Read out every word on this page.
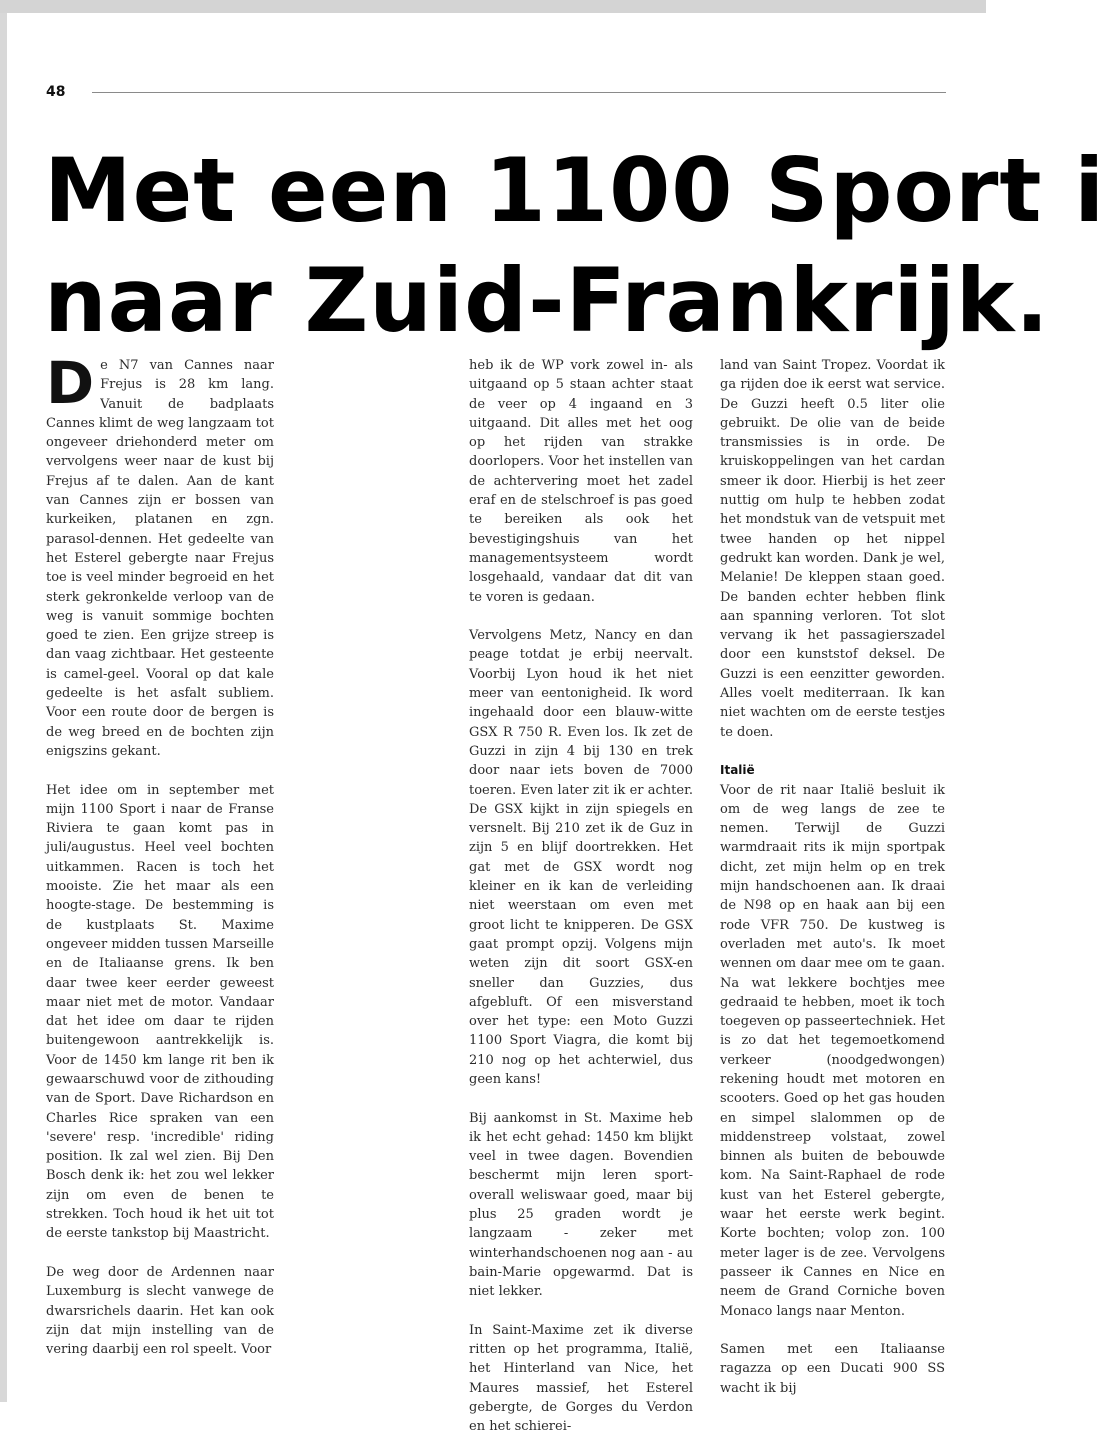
48
Met een 1100 Sport i
naar Zuid-Frankrijk.

De N7 van Cannes naar Frejus is 28 km lang. Vanuit de badplaats Cannes klimt de weg langzaam tot ongeveer driehonderd meter om vervolgens weer naar de kust bij Frejus af te dalen. Aan de kant van Cannes zijn er bossen van kurkeiken, platanen en zgn. parasol-dennen. Het gedeelte van het Esterel gebergte naar Frejus toe is veel minder begroeid en het sterk gekronkelde verloop van de weg is vanuit sommige bochten goed te zien. Een grijze streep is dan vaag zichtbaar. Het gesteente is camel-geel. Vooral op dat kale gedeelte is het asfalt subliem. Voor een route door de bergen is de weg breed en de bochten zijn enigszins gekant.

Het idee om in september met mijn 1100 Sport i naar de Franse Riviera te gaan komt pas in juli/augustus. Heel veel bochten uitkammen. Racen is toch het mooiste. Zie het maar als een hoogte-stage. De bestemming is de kustplaats St. Maxime ongeveer midden tussen Marseille en de Italiaanse grens. Ik ben daar twee keer eerder geweest maar niet met de motor. Vandaar dat het idee om daar te rijden buitengewoon aantrekkelijk is. Voor de 1450 km lange rit ben ik gewaarschuwd voor de zithouding van de Sport. Dave Richardson en Charles Rice spraken van een 'severe' resp. 'incredible' riding position. Ik zal wel zien. Bij Den Bosch denk ik: het zou wel lekker zijn om even de benen te strekken. Toch houd ik het uit tot de eerste tankstop bij Maastricht.

De weg door de Ardennen naar Luxemburg is slecht vanwege de dwarsrichels daarin. Het kan ook zijn dat mijn instelling van de vering daarbij een rol speelt. Voor

heb ik de WP vork zowel in- als uitgaand op 5 staan achter staat de veer op 4 ingaand en 3 uitgaand. Dit alles met het oog op het rijden van strakke doorlopers. Voor het instellen van de achtervering moet het zadel eraf en de stelschroef is pas goed te bereiken als ook het bevestigingshuis van het managementsysteem wordt losgehaald, vandaar dat dit van te voren is gedaan.

Vervolgens Metz, Nancy en dan peage totdat je erbij neervalt. Voorbij Lyon houd ik het niet meer van eentonigheid. Ik word ingehaald door een blauw-witte GSX R 750 R. Even los. Ik zet de Guzzi in zijn 4 bij 130 en trek door naar iets boven de 7000 toeren. Even later zit ik er achter. De GSX kijkt in zijn spiegels en versnelt. Bij 210 zet ik de Guz in zijn 5 en blijf doortrekken. Het gat met de GSX wordt nog kleiner en ik kan de verleiding niet weerstaan om even met groot licht te knipperen. De GSX gaat prompt opzij. Volgens mijn weten zijn dit soort GSX-en sneller dan Guzzies, dus afgebluft. Of een misverstand over het type: een Moto Guzzi 1100 Sport Viagra, die komt bij 210 nog op het achterwiel, dus geen kans!

Bij aankomst in St. Maxime heb ik het echt gehad: 1450 km blijkt veel in twee dagen. Bovendien beschermt mijn leren sport-overall weliswaar goed, maar bij plus 25 graden wordt je langzaam - zeker met winterhandschoenen nog aan - au bain-Marie opgewarmd. Dat is niet lekker.

In Saint-Maxime zet ik diverse ritten op het programma, Italië, het Hinterland van Nice, het Maures massief, het Esterel gebergte, de Gorges du Verdon en het schierei-

land van Saint Tropez. Voordat ik ga rijden doe ik eerst wat service. De Guzzi heeft 0.5 liter olie gebruikt. De olie van de beide transmissies is in orde. De kruiskoppelingen van het cardan smeer ik door. Hierbij is het zeer nuttig om hulp te hebben zodat het mondstuk van de vetspuit met twee handen op het nippel gedrukt kan worden. Dank je wel, Melanie! De kleppen staan goed. De banden echter hebben flink aan spanning verloren. Tot slot vervang ik het passagierszadel door een kunststof deksel. De Guzzi is een eenzitter geworden. Alles voelt mediterraan. Ik kan niet wachten om de eerste testjes te doen.

Italië

Voor de rit naar Italië besluit ik om de weg langs de zee te nemen. Terwijl de Guzzi warmdraait rits ik mijn sportpak dicht, zet mijn helm op en trek mijn handschoenen aan. Ik draai de N98 op en haak aan bij een rode VFR 750. De kustweg is overladen met auto's. Ik moet wennen om daar mee om te gaan. Na wat lekkere bochtjes mee gedraaid te hebben, moet ik toch toegeven op passeertechniek. Het is zo dat het tegemoetkomend verkeer (noodgedwongen) rekening houdt met motoren en scooters. Goed op het gas houden en simpel slalommen op de middenstreep volstaat, zowel binnen als buiten de bebouwde kom. Na Saint-Raphael de rode kust van het Esterel gebergte, waar het eerste werk begint. Korte bochten; volop zon. 100 meter lager is de zee. Vervolgens passeer ik Cannes en Nice en neem de Grand Corniche boven Monaco langs naar Menton.

Samen met een Italiaanse ragazza op een Ducati 900 SS wacht ik bij
